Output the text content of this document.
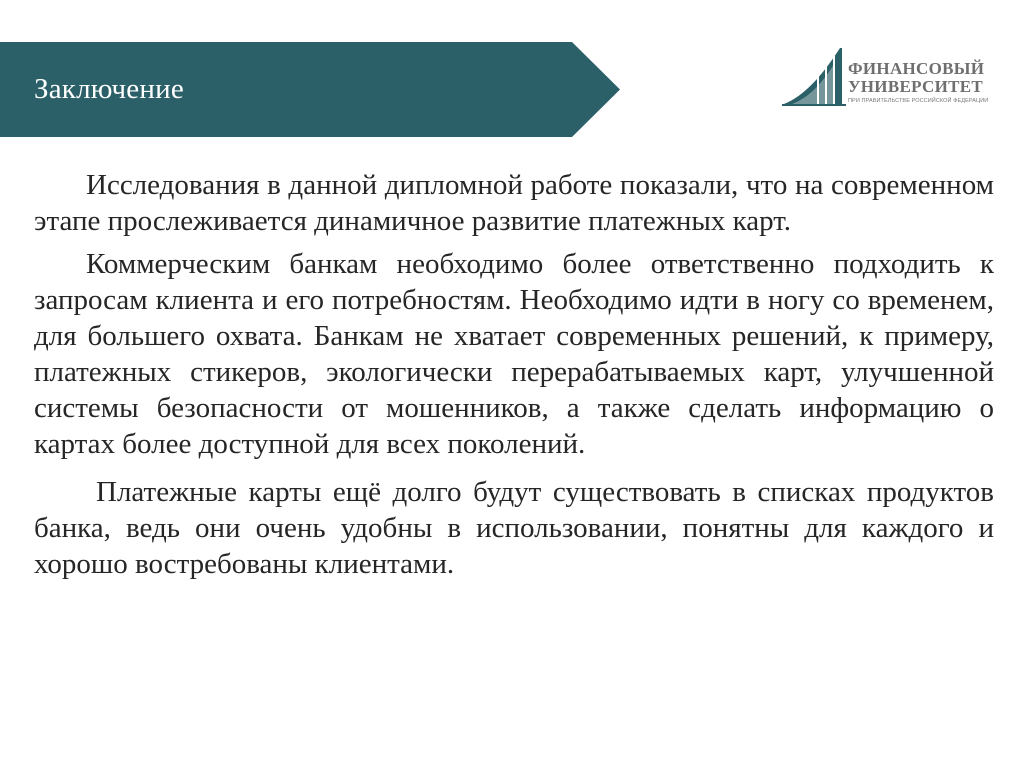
Заключение
ФИНАНСОВЫЙ
УНИВЕРСИТЕТ
ПРИ ПРАВИТЕЛЬСТВЕ РОССИЙСКОЙ ФЕДЕРАЦИИ

Исследования в данной дипломной работе показали, что на современном этапе прослеживается динамичное развитие платежных карт.

Коммерческим банкам необходимо более ответственно подходить к запросам клиента и его потребностям. Необходимо идти в ногу со временем, для большего охвата. Банкам не хватает современных решений, к примеру, платежных стикеров, экологически перерабатываемых карт, улучшенной системы безопасности от мошенников, а также сделать информацию о картах более доступной для всех поколений.

Платежные карты ещё долго будут существовать в списках продуктов банка, ведь они очень удобны в использовании, понятны для каждого и хорошо востребованы клиентами.
